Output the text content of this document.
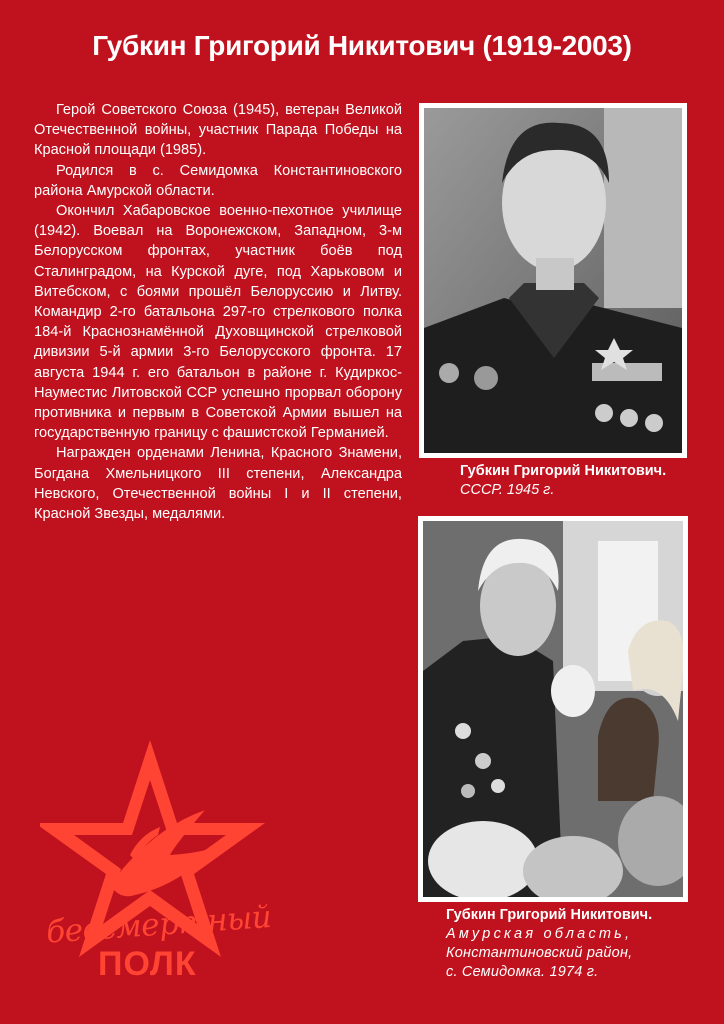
Губкин Григорий Никитович (1919-2003)

Герой Советского Союза (1945), ветеран Великой Отечественной войны, участник Парада Победы на Красной площади (1985).

Родился в с. Семидомка Константиновского района Амурской области.

Окончил Хабаровское военно-пехотное училище (1942). Воевал на Воронежском, Западном, 3-м Белорусском фронтах, участник боёв под Сталинградом, на Курской дуге, под Харьковом и Витебском, с боями прошёл Белоруссию и Литву. Командир 2-го батальона 297-го стрелкового полка 184-й Краснознамённой Духовщинской стрелковой дивизии 5-й армии 3-го Белорусского фронта. 17 августа 1944 г. его батальон в районе г. Кудиркос-Науместис Литовской ССР успешно прорвал оборону противника и первым в Советской Армии вышел на государственную границу с фашистской Германией.

Награжден орденами Ленина, Красного Знамени, Богдана Хмельницкого III степени, Александра Невского, Отечественной войны I и II степени, Красной Звезды, медалями.

Губкин Григорий Никитович.
СССР. 1945 г.
Губкин Григорий Никитович.
Амурская область,
Константиновский район,
с. Семидомка. 1974 г.
бессмертный
ПОЛК
